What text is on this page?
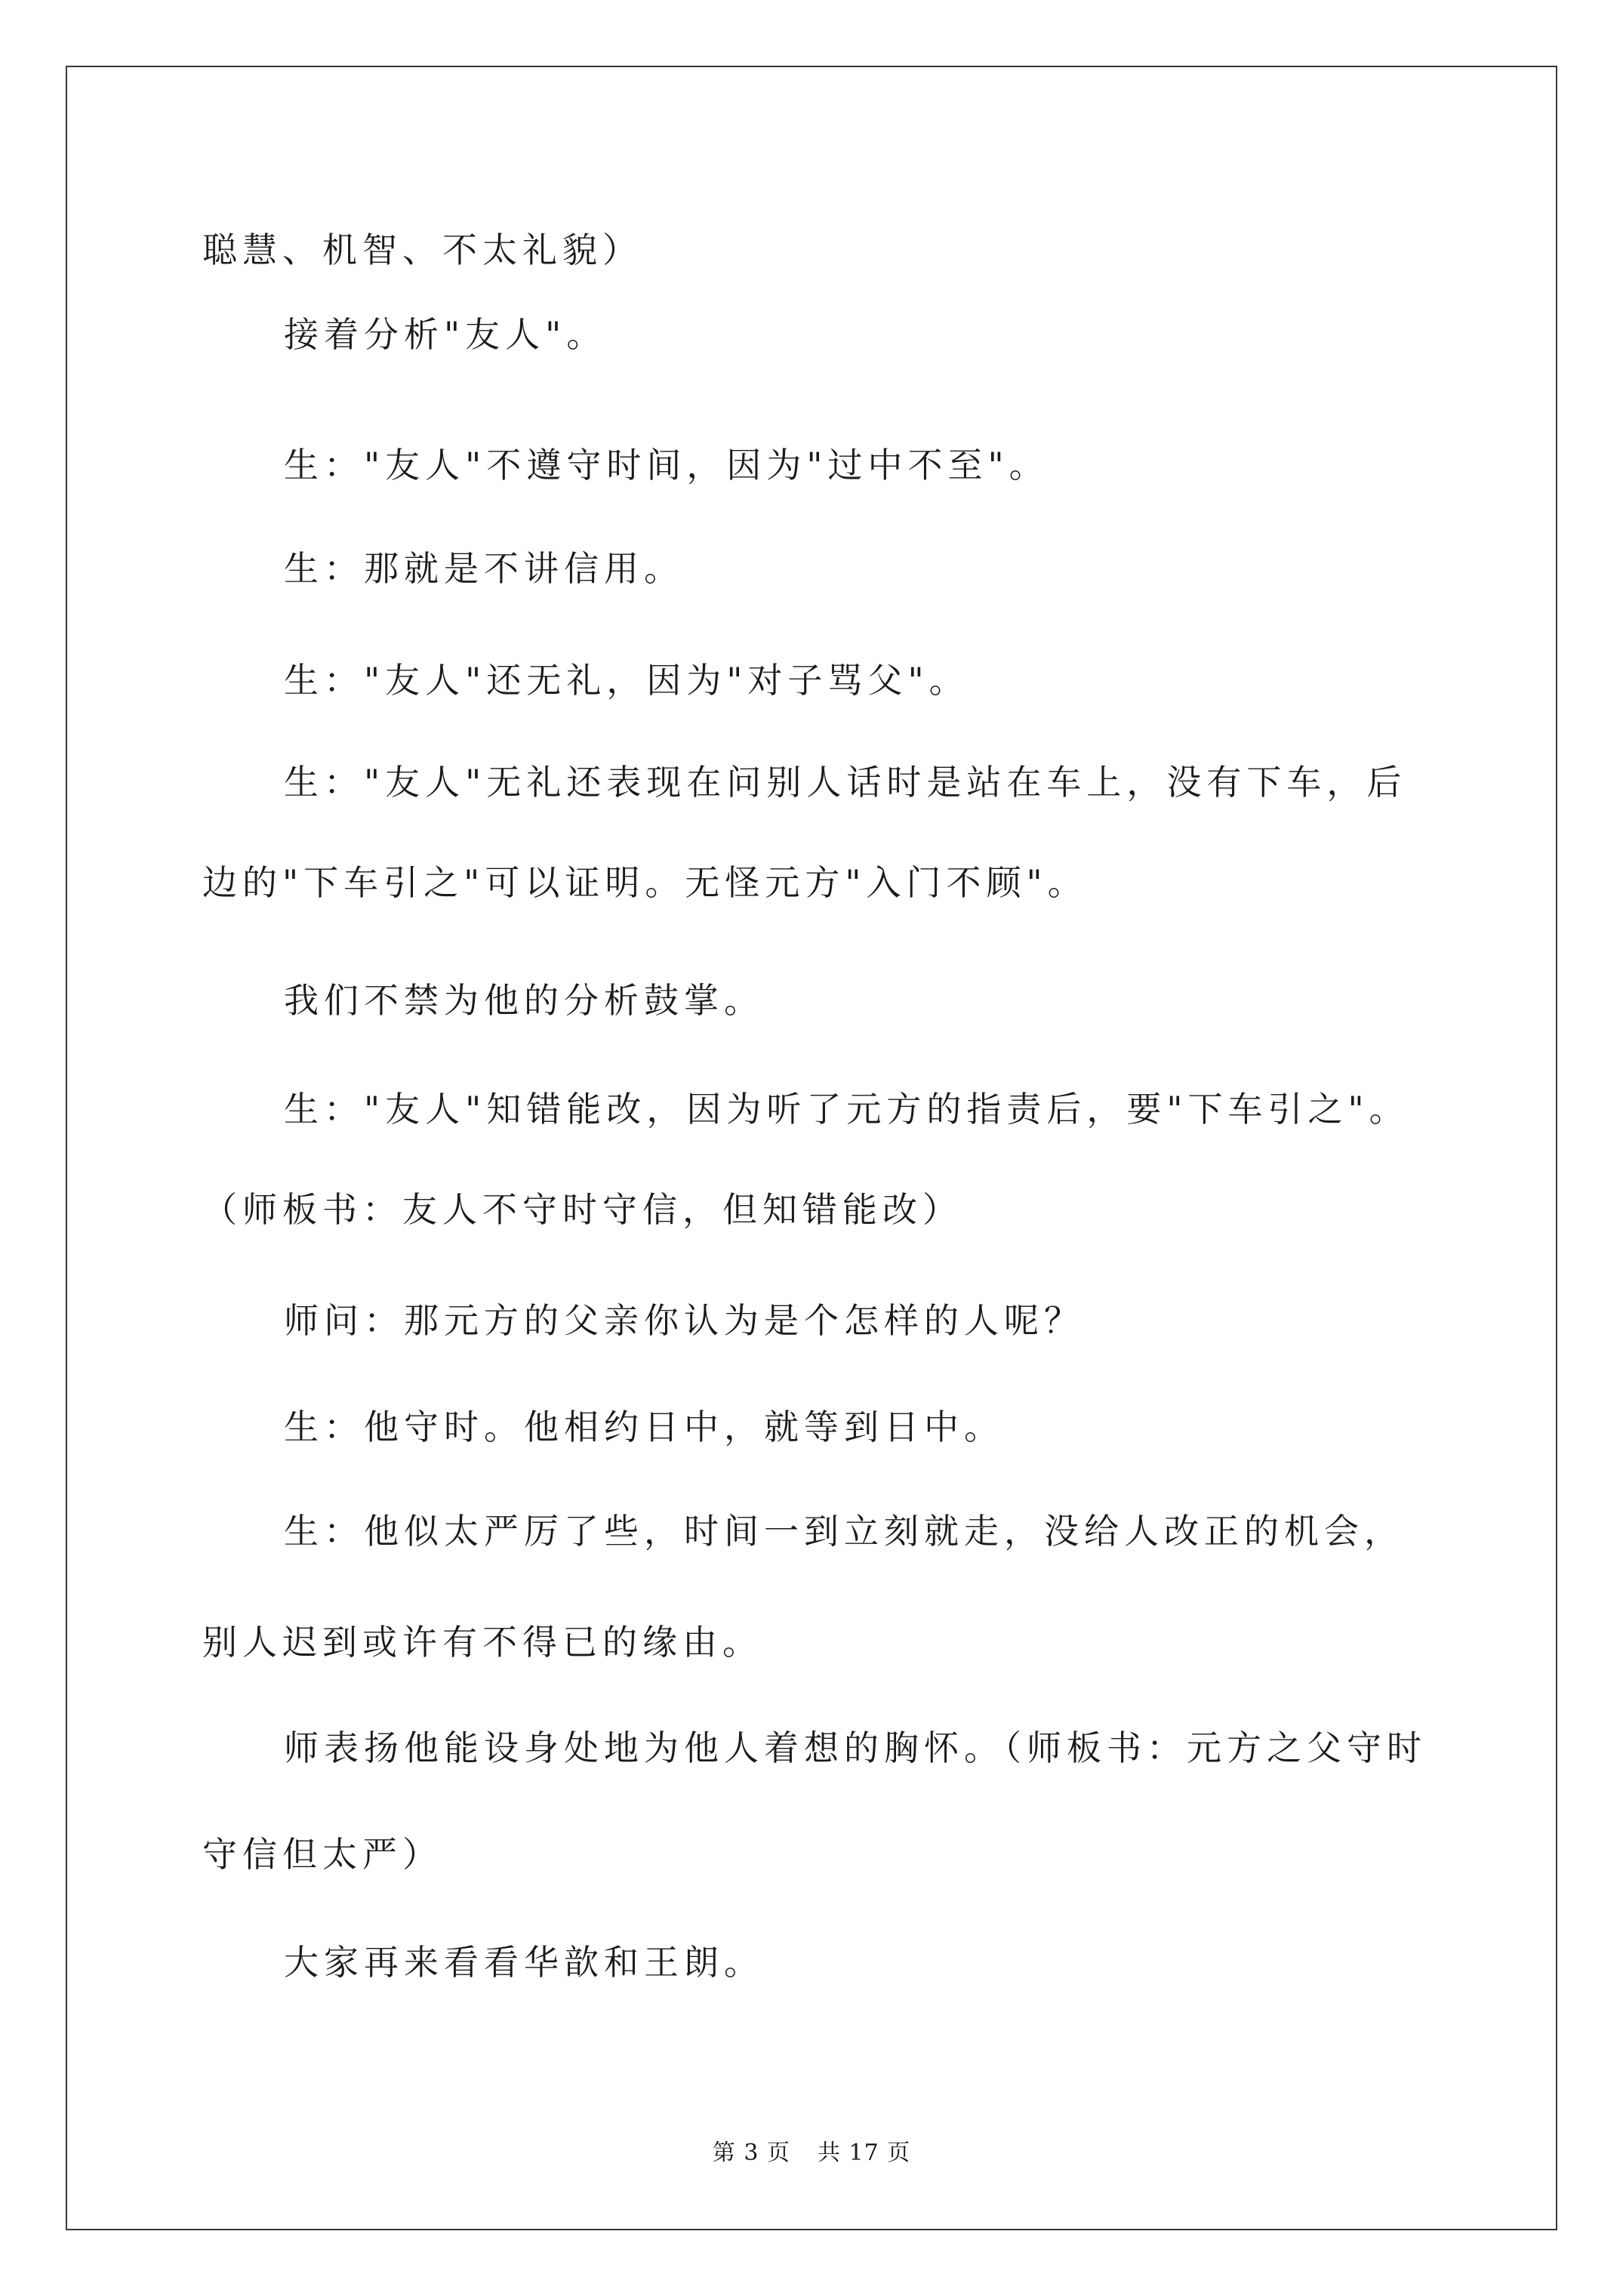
聪慧、机智、不太礼貌）
接着分析"友人"。
生："友人"不遵守时间，因为"过中不至"。
生：那就是不讲信用。
生："友人"还无礼，因为"对子骂父"。
生："友人"无礼还表现在问别人话时是站在车上，没有下车，后
边的"下车引之"可以证明。无怪元方"入门不顾"。
我们不禁为他的分析鼓掌。
生："友人"知错能改，因为听了元方的指责后，要"下车引之"。
（师板书：友人不守时守信，但知错能改）
师问：那元方的父亲你认为是个怎样的人呢？
生：他守时。他相约日中，就等到日中。
生：他似太严厉了些，时间一到立刻就走，没给人改正的机会，
别人迟到或许有不得已的缘由。
师表扬他能设身处地为他人着想的胸怀。（师板书：元方之父守时
守信但太严）
大家再来看看华歆和王朗。
第 3 页 共 17 页
